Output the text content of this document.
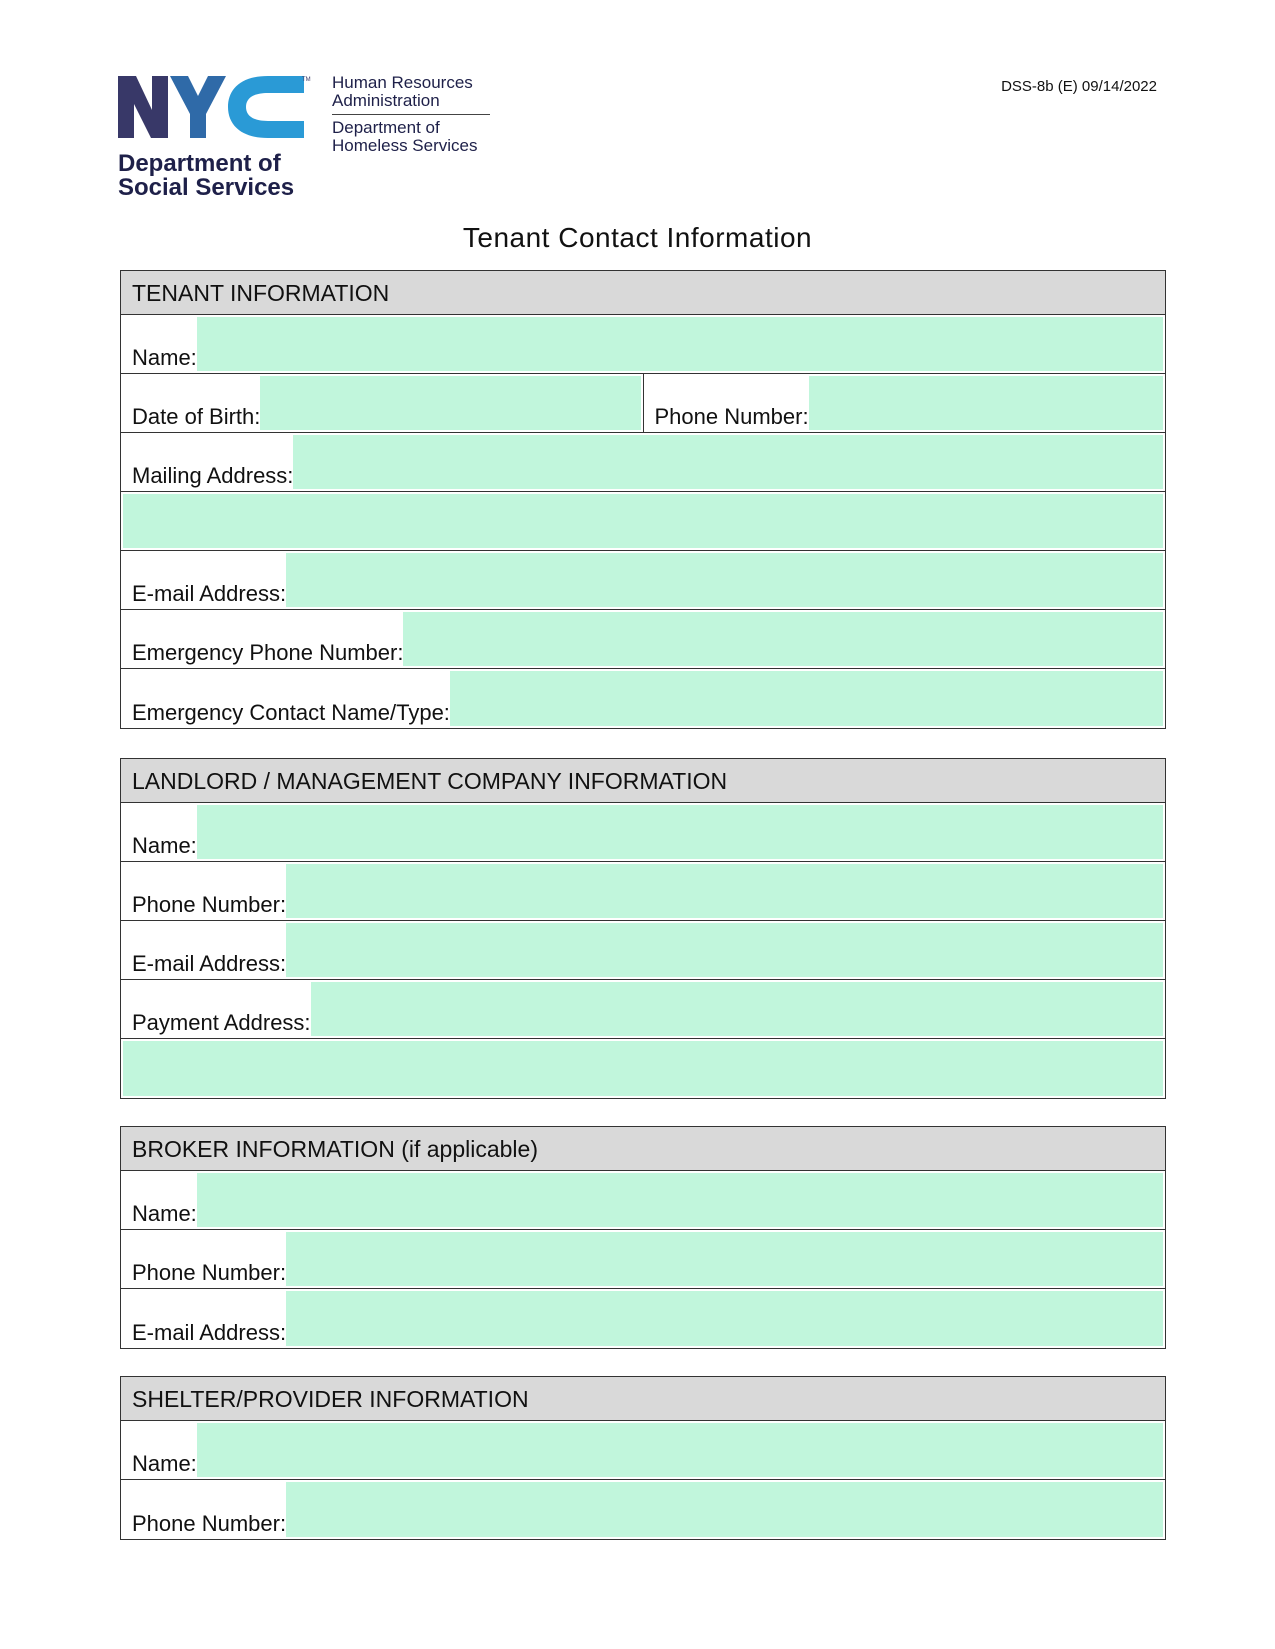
TM
Department of
Social Services
Human Resources
Administration
Department of
Homeless Services
DSS-8b (E) 09/14/2022
Tenant Contact Information
TENANT INFORMATION
Name:
Date of Birth:	Phone Number:
Mailing Address:
E-mail Address:
Emergency Phone Number:
Emergency Contact Name/Type:
LANDLORD / MANAGEMENT COMPANY INFORMATION
Name:
Phone Number:
E-mail Address:
Payment Address:
BROKER INFORMATION (if applicable)
Name:
Phone Number:
E-mail Address:
SHELTER/PROVIDER INFORMATION
Name:
Phone Number:
